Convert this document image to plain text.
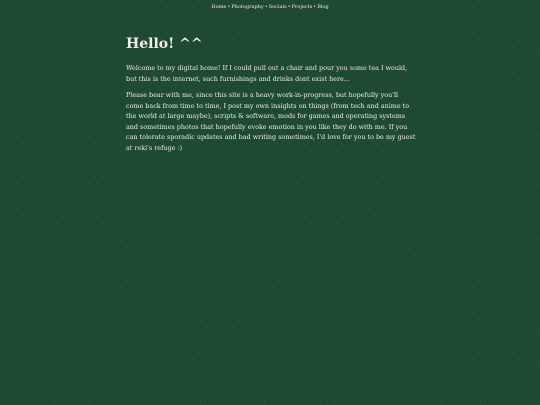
Home•Photography•Socials•Projects•Blog
Hello! ^^

Welcome to my digital home! If I could pull out a chair and pour you some tea I would, but this is the internet, such furnishings and drinks dont exist here...

Please bear with me, since this site is a heavy work-in-progress, but hopefully you'll come back from time to time, I post my own insights on things (from tech and anime to the world at large maybe), scripts & software, mods for games and operating systems and sometimes photos that hopefully evoke emotion in you like they do with me. If you can tolerate sporadic updates and bad writing sometimes, I'd love for you to be my guest at reki's refuge :)
